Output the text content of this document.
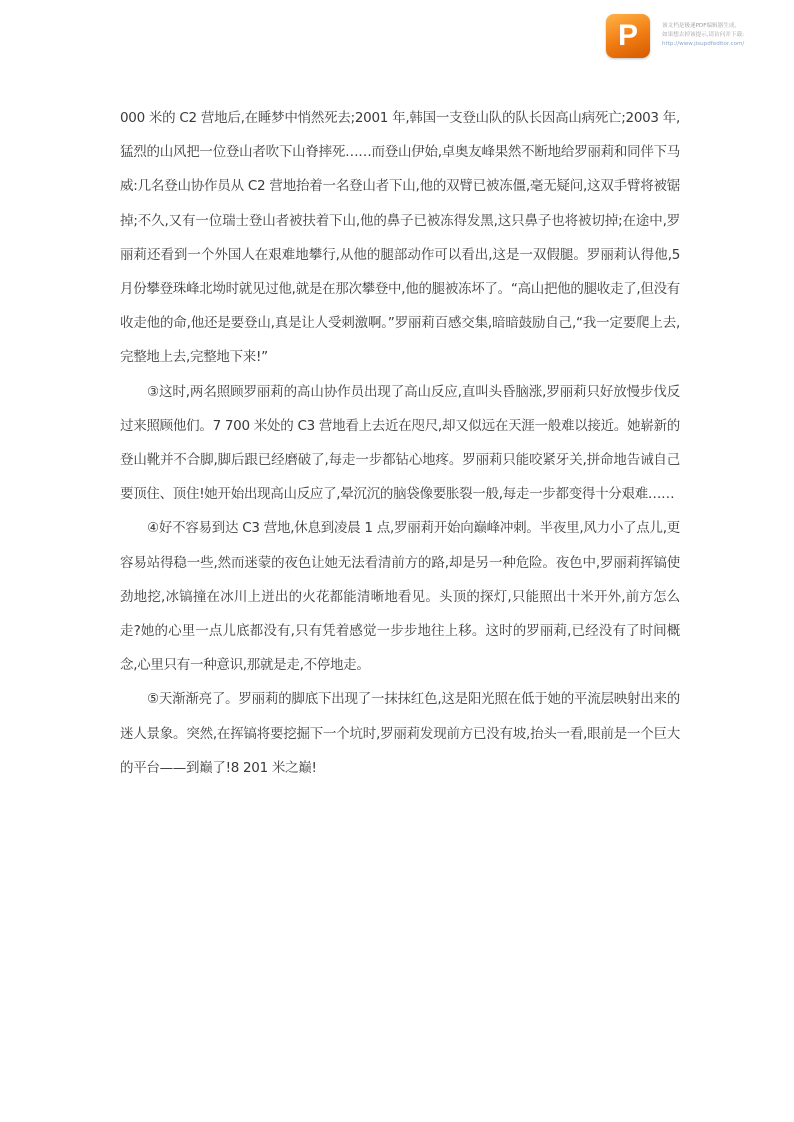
P	该文档是极速PDF编辑器生成,
如果想去掉该提示,请访问并下载:
http://www.jisupdfeditor.com/

000 米的 C2 营地后,在睡梦中悄然死去;2001 年,韩国一支登山队的队长因高山病死亡;2003 年,猛烈的山风把一位登山者吹下山脊摔死……而登山伊始,卓奥友峰果然不断地给罗丽莉和同伴下马威:几名登山协作员从 C2 营地抬着一名登山者下山,他的双臂已被冻僵,毫无疑问,这双手臂将被锯掉;不久,又有一位瑞士登山者被扶着下山,他的鼻子已被冻得发黑,这只鼻子也将被切掉;在途中,罗丽莉还看到一个外国人在艰难地攀行,从他的腿部动作可以看出,这是一双假腿。罗丽莉认得他,5 月份攀登珠峰北坳时就见过他,就是在那次攀登中,他的腿被冻坏了。“高山把他的腿收走了,但没有收走他的命,他还是要登山,真是让人受刺激啊。”罗丽莉百感交集,暗暗鼓励自己,“我一定要爬上去,完整地上去,完整地下来!”

③这时,两名照顾罗丽莉的高山协作员出现了高山反应,直叫头昏脑涨,罗丽莉只好放慢步伐反过来照顾他们。7 700 米处的 C3 营地看上去近在咫尺,却又似远在天涯一般难以接近。她崭新的登山靴并不合脚,脚后跟已经磨破了,每走一步都钻心地疼。罗丽莉只能咬紧牙关,拼命地告诫自己要顶住、顶住!她开始出现高山反应了,晕沉沉的脑袋像要胀裂一般,每走一步都变得十分艰难……

④好不容易到达 C3 营地,休息到凌晨 1 点,罗丽莉开始向巅峰冲刺。半夜里,风力小了点儿,更容易站得稳一些,然而迷蒙的夜色让她无法看清前方的路,却是另一种危险。夜色中,罗丽莉挥镐使劲地挖,冰镐撞在冰川上迸出的火花都能清晰地看见。头顶的探灯,只能照出十米开外,前方怎么走?她的心里一点儿底都没有,只有凭着感觉一步步地往上移。这时的罗丽莉,已经没有了时间概念,心里只有一种意识,那就是走,不停地走。

⑤天渐渐亮了。罗丽莉的脚底下出现了一抹抹红色,这是阳光照在低于她的平流层映射出来的迷人景象。突然,在挥镐将要挖掘下一个坑时,罗丽莉发现前方已没有坡,抬头一看,眼前是一个巨大的平台——到巅了!8 201 米之巅!
